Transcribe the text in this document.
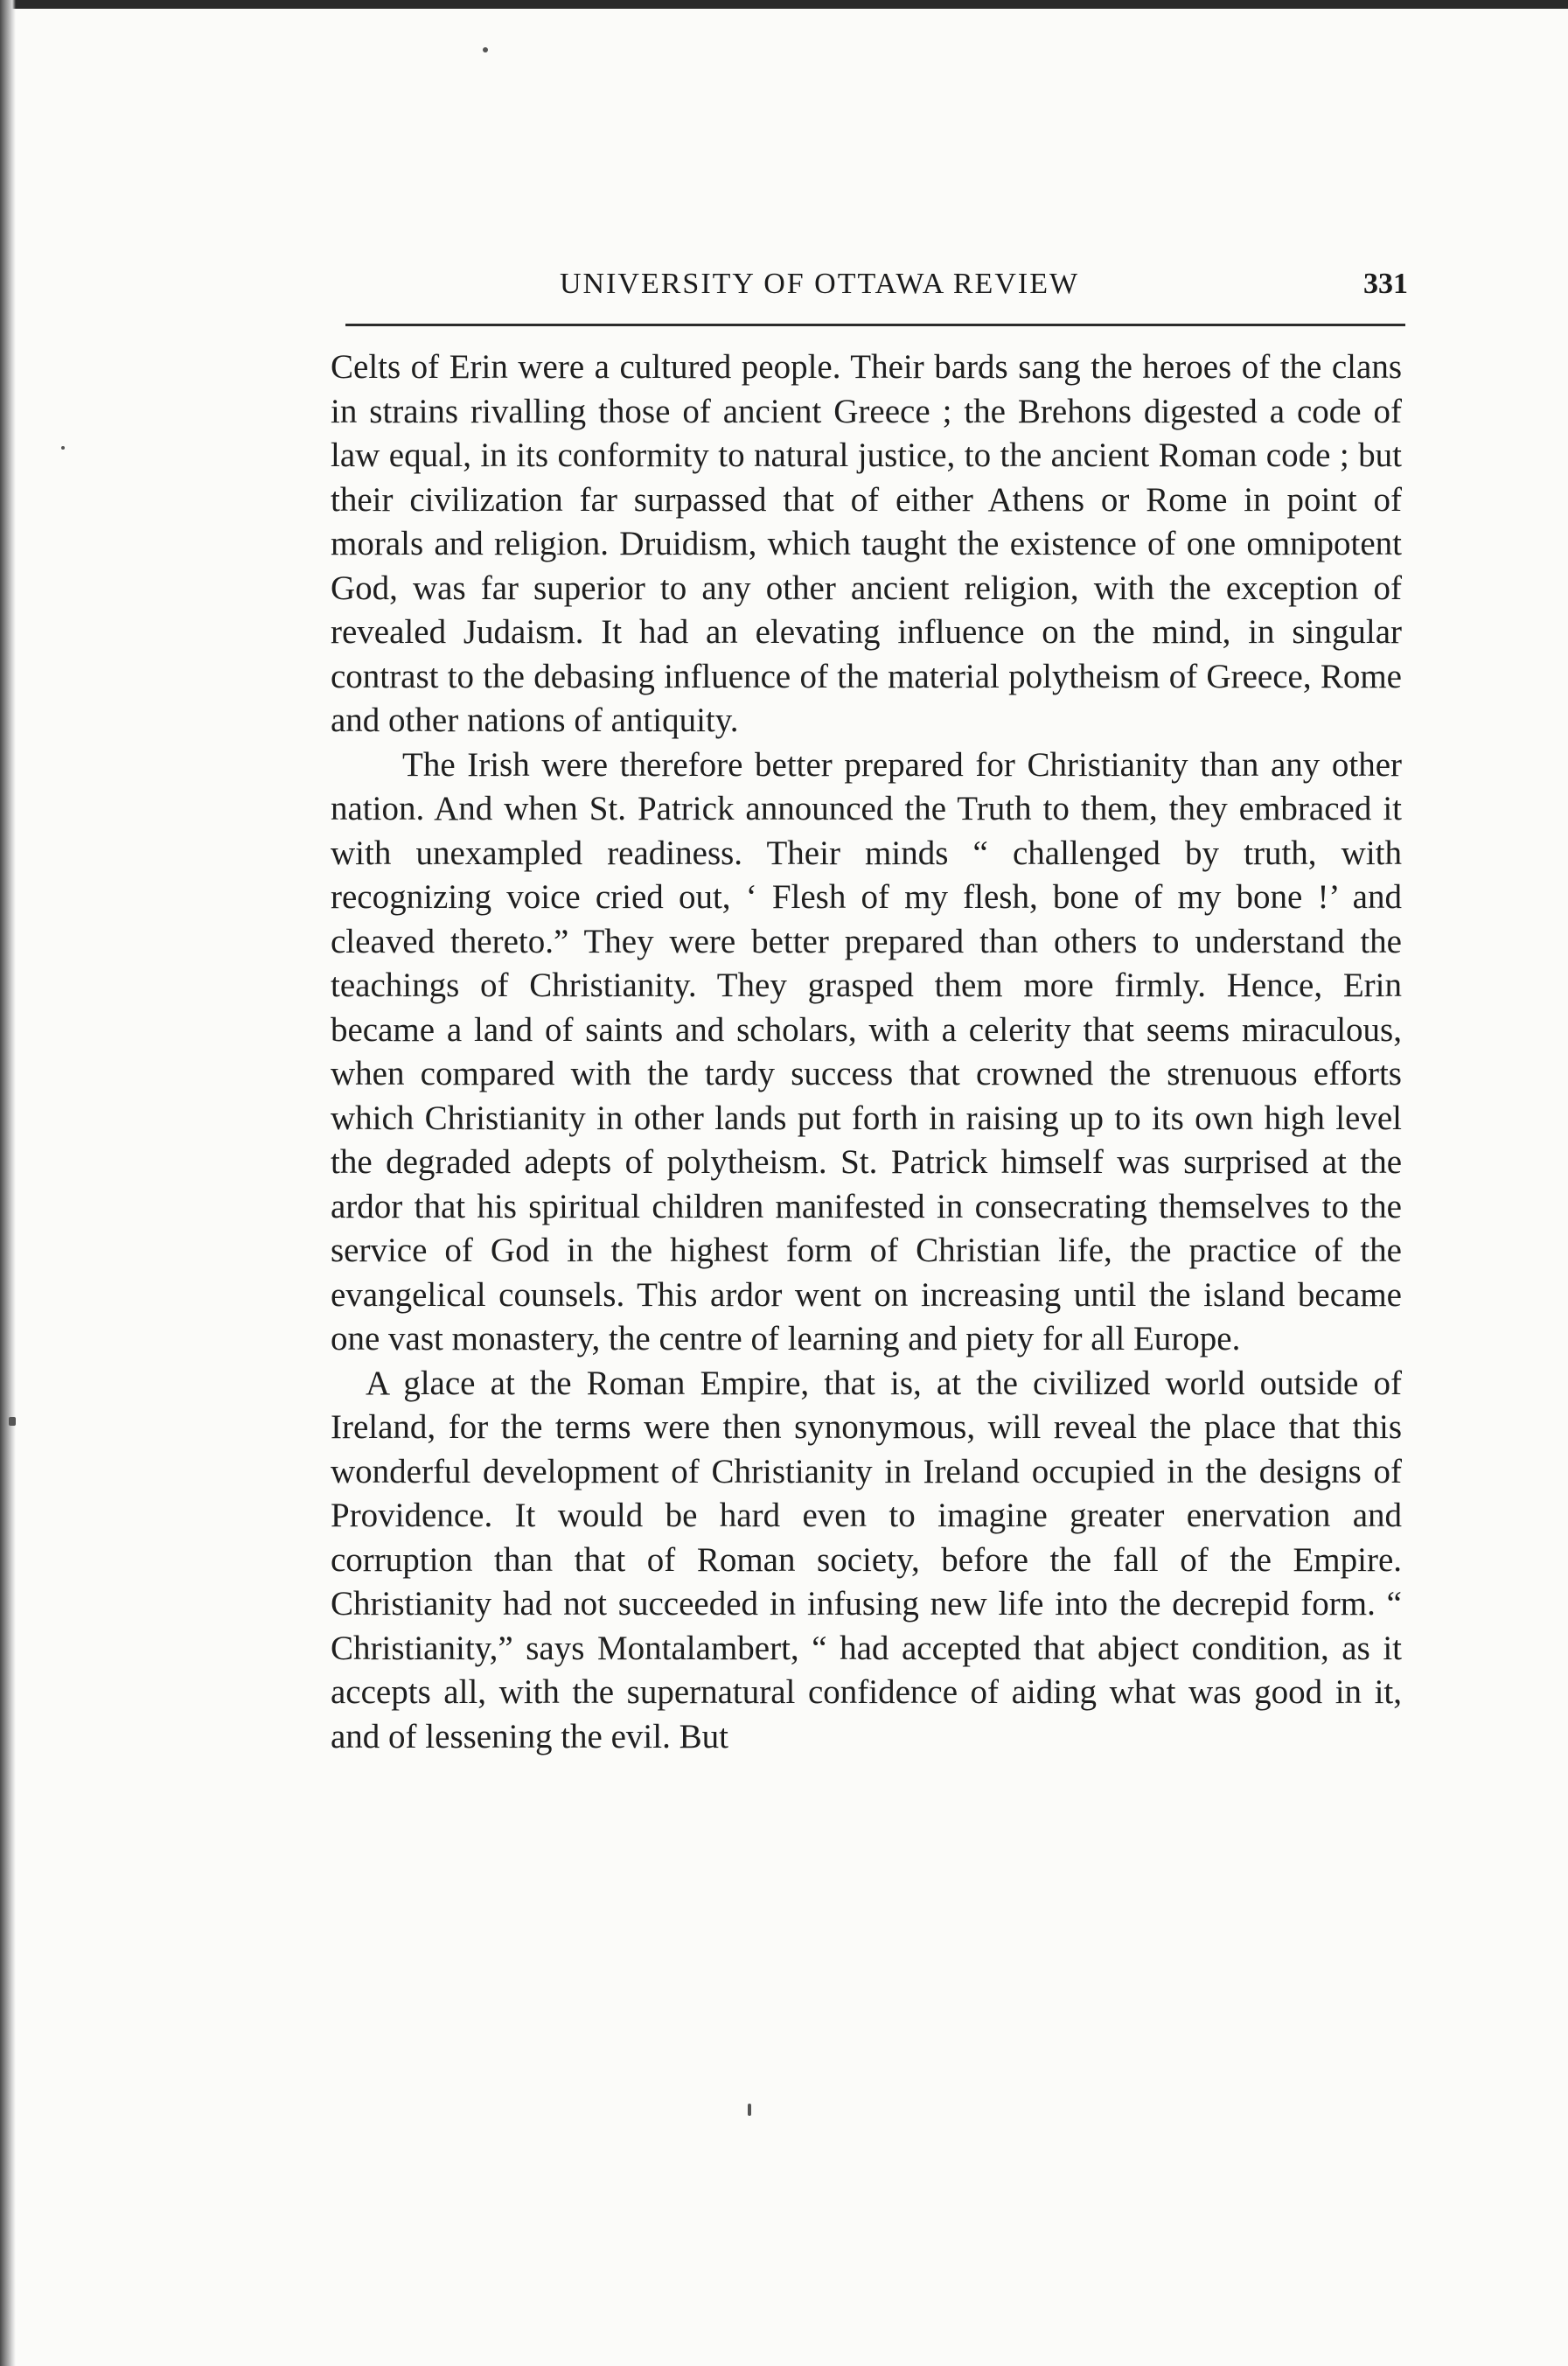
UNIVERSITY OF OTTAWA REVIEW	331

Celts of Erin were a cultured people. Their bards sang the heroes of the clans in strains rivalling those of ancient Greece ; the Brehons digested a code of law equal, in its conformity to natural justice, to the ancient Roman code ; but their civilization far surpassed that of either Athens or Rome in point of morals and religion. Druidism, which taught the existence of one omnipotent God, was far superior to any other ancient religion, with the exception of revealed Judaism. It had an elevating influence on the mind, in singular contrast to the debasing influence of the material polytheism of Greece, Rome and other nations of antiquity.

The Irish were therefore better prepared for Christianity than any other nation. And when St. Patrick announced the Truth to them, they embraced it with unexampled readiness. Their minds “ challenged by truth, with recognizing voice cried out, ‘ Flesh of my flesh, bone of my bone !’ and cleaved thereto.” They were better prepared than others to understand the teachings of Christianity. They grasped them more firmly. Hence, Erin became a land of saints and scholars, with a celerity that seems miraculous, when compared with the tardy success that crowned the strenuous efforts which Christianity in other lands put forth in raising up to its own high level the degraded adepts of polytheism. St. Patrick himself was surprised at the ardor that his spiritual children manifested in consecrating themselves to the service of God in the highest form of Christian life, the practice of the evangelical counsels. This ardor went on increasing until the island became one vast monastery, the centre of learning and piety for all Europe.

A glace at the Roman Empire, that is, at the civilized world outside of Ireland, for the terms were then synonymous, will reveal the place that this wonderful development of Christianity in Ireland occupied in the designs of Providence. It would be hard even to imagine greater enervation and corruption than that of Roman society, before the fall of the Empire. Christianity had not succeeded in infusing new life into the decrepid form. “ Christianity,” says Montalambert, “ had accepted that abject condition, as it accepts all, with the supernatural confidence of aiding what was good in it, and of lessening the evil. But
